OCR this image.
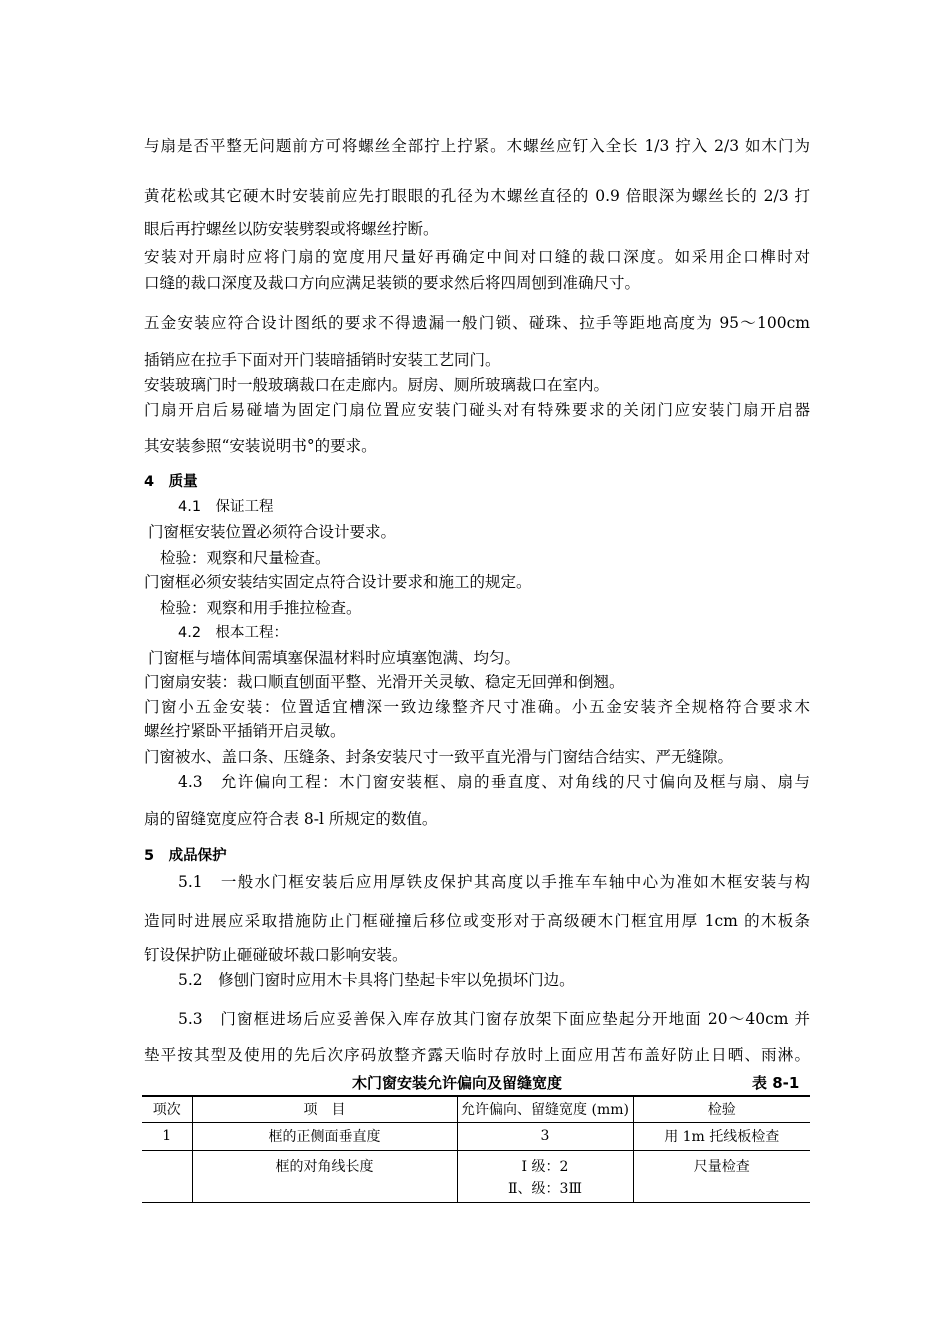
与扇是否平整无问题前方可将螺丝全部拧上拧紧。木螺丝应钉入全长 1/3 拧入 2/3 如木门为
黄花松或其它硬木时安装前应先打眼眼的孔径为木螺丝直径的 0.9 倍眼深为螺丝长的 2/3 打
眼后再拧螺丝以防安装劈裂或将螺丝拧断。
安装对开扇时应将门扇的宽度用尺量好再确定中间对口缝的裁口深度。如采用企口榫时对
口缝的裁口深度及裁口方向应满足装锁的要求然后将四周刨到准确尺寸。
五金安装应符合设计图纸的要求不得遗漏一般门锁、碰珠、拉手等距地高度为 95～100cm
插销应在拉手下面对开门装暗插销时安装工艺同门。
安装玻璃门时一般玻璃裁口在走廊内。厨房、厕所玻璃裁口在室内。
门扇开启后易碰墙为固定门扇位置应安装门碰头对有特殊要求的关闭门应安装门扇开启器
其安装参照“安装说明书°的要求。
4　质量
4.1　保证工程
门窗框安装位置必须符合设计要求。
检验：观察和尺量检查。
门窗框必须安装结实固定点符合设计要求和施工的规定。
检验：观察和用手推拉检查。
4.2　根本工程：
门窗框与墙体间需填塞保温材料时应填塞饱满、均匀。
门窗扇安装：裁口顺直刨面平整、光滑开关灵敏、稳定无回弹和倒翘。
门窗小五金安装：位置适宜槽深一致边缘整齐尺寸准确。小五金安装齐全规格符合要求木
螺丝拧紧卧平插销开启灵敏。
门窗被水、盖口条、压缝条、封条安装尺寸一致平直光滑与门窗结合结实、严无缝隙。
4.3　允许偏向工程：木门窗安装框、扇的垂直度、对角线的尺寸偏向及框与扇、扇与
扇的留缝宽度应符合表 8-l 所规定的数值。
5　成品保护
5.1　一般水门框安装后应用厚铁皮保护其高度以手推车车轴中心为准如木框安装与构
造同时进展应采取措施防止门框碰撞后移位或变形对于高级硬木门框宜用厚 1cm 的木板条
钉设保护防止砸碰破坏裁口影响安装。
5.2　修刨门窗时应用木卡具将门垫起卡牢以免损坏门边。
5.3　门窗框进场后应妥善保入库存放其门窗存放架下面应垫起分开地面 20～40cm 并
垫平按其型及使用的先后次序码放整齐露天临时存放时上面应用苫布盖好防止日晒、雨淋。
木门窗安装允许偏向及留缝宽度	表 8-1
项次	项　目	允许偏向、留缝宽度 (mm)	检验
1	框的正侧面垂直度	3	用 1m 托线板检查
	框的对角线长度	Ⅰ 级：2
Ⅱ、级：3Ⅲ	尺量检查
